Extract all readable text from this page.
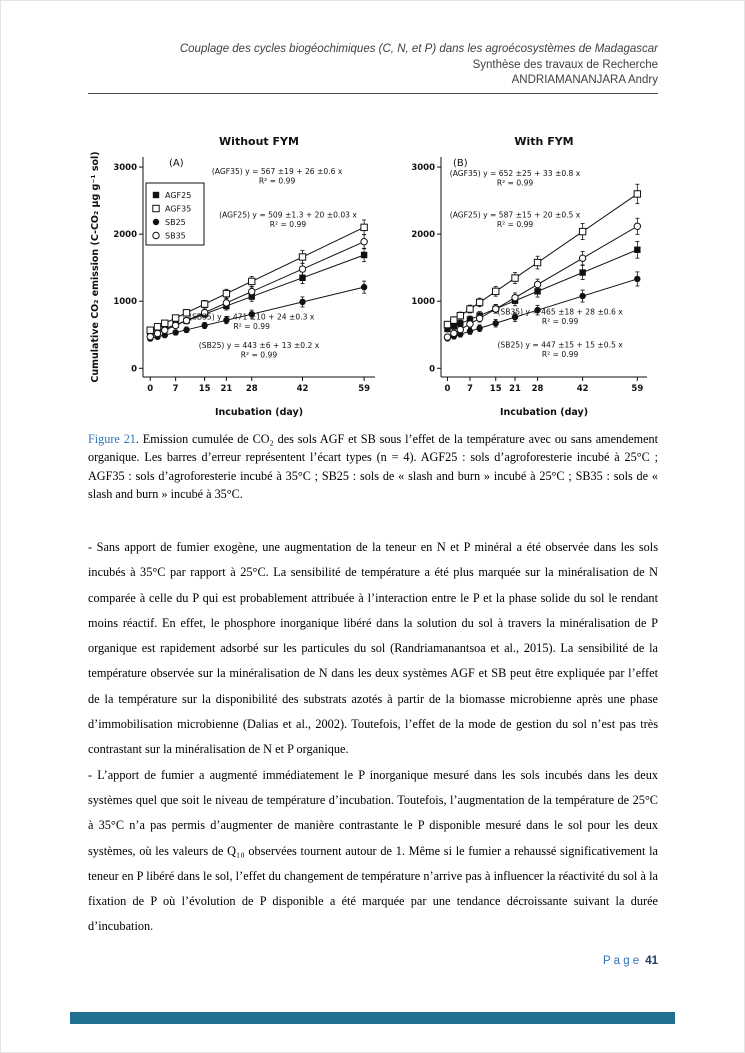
Couplage des cycles biogéochimiques (C, N, et P) dans les agroécosystèmes de Madagascar
Synthèse des travaux de Recherche
ANDRIAMANANJARA Andry
Without FYM
0
1000
2000
3000
0 7 15 21 28	42	59
Incubation (day)
Cumulative CO₂ emission (C-CO₂ µg g⁻¹ sol)	(A)
(AGF35) y = 567 ±19 + 26 ±0.6 x
R² = 0.99
(AGF25) y = 509 ±1.3 + 20 ±0.03 x
R² = 0.99
(SB35) y = 471 ±10 + 24 ±0.3 x
R² = 0.99
(SB25) y = 443 ±6 + 13 ±0.2 x
R² = 0.99
AGF25
AGF35
SB25
SB35
With FYM
0
1000
2000
3000
0 7 15 21 28	42	59
Incubation (day)
(B)
(AGF35) y = 652 ±25 + 33 ±0.8 x
R² = 0.99
(AGF25) y = 587 ±15 + 20 ±0.5 x
R² = 0.99
(SB35) y = 465 ±18 + 28 ±0.6 x
R² = 0.99
(SB25) y = 447 ±15 + 15 ±0.5 x
R² = 0.99

Figure 21. Emission cumulée de CO₂ des sols AGF et SB sous l’effet de la température avec ou sans amendement organique. Les barres d’erreur représentent l’écart types (n = 4). AGF25 : sols d’agroforesterie incubé à 25°C ; AGF35 : sols d’agroforesterie incubé à 35°C ; SB25 : sols de « slash and burn » incubé à 25°C ; SB35 : sols de « slash and burn » incubé à 35°C.

- Sans apport de fumier exogène, une augmentation de la teneur en N et P minéral a été observée dans les sols incubés à 35°C par rapport à 25°C. La sensibilité de température a été plus marquée sur la minéralisation de N comparée à celle du P qui est probablement attribuée à l’interaction entre le P et la phase solide du sol le rendant moins réactif. En effet, le phosphore inorganique libéré dans la solution du sol à travers la minéralisation de P organique est rapidement adsorbé sur les particules du sol (Randriamanantsoa et al., 2015). La sensibilité de la température observée sur la minéralisation de N dans les deux systèmes AGF et SB peut être expliquée par l’effet de la température sur la disponibilité des substrats azotés à partir de la biomasse microbienne après une phase d’immobilisation microbienne (Dalias et al., 2002). Toutefois, l’effet de la mode de gestion du sol n’est pas très contrastant sur la minéralisation de N et P organique.

- L’apport de fumier a augmenté immédiatement le P inorganique mesuré dans les sols incubés dans les deux systèmes quel que soit le niveau de température d’incubation. Toutefois, l’augmentation de la température de 25°C à 35°C n’a pas permis d’augmenter de manière contrastante le P disponible mesuré dans le sol pour les deux systèmes, où les valeurs de Q₁₀ observées tournent autour de 1. Même si le fumier a rehaussé significativement la teneur en P libéré dans le sol, l’effet du changement de température n’arrive pas à influencer la réactivité du sol à la fixation de P où l’évolution de P disponible a été marquée par une tendance décroissante suivant la durée d’incubation.

P a g e 41
